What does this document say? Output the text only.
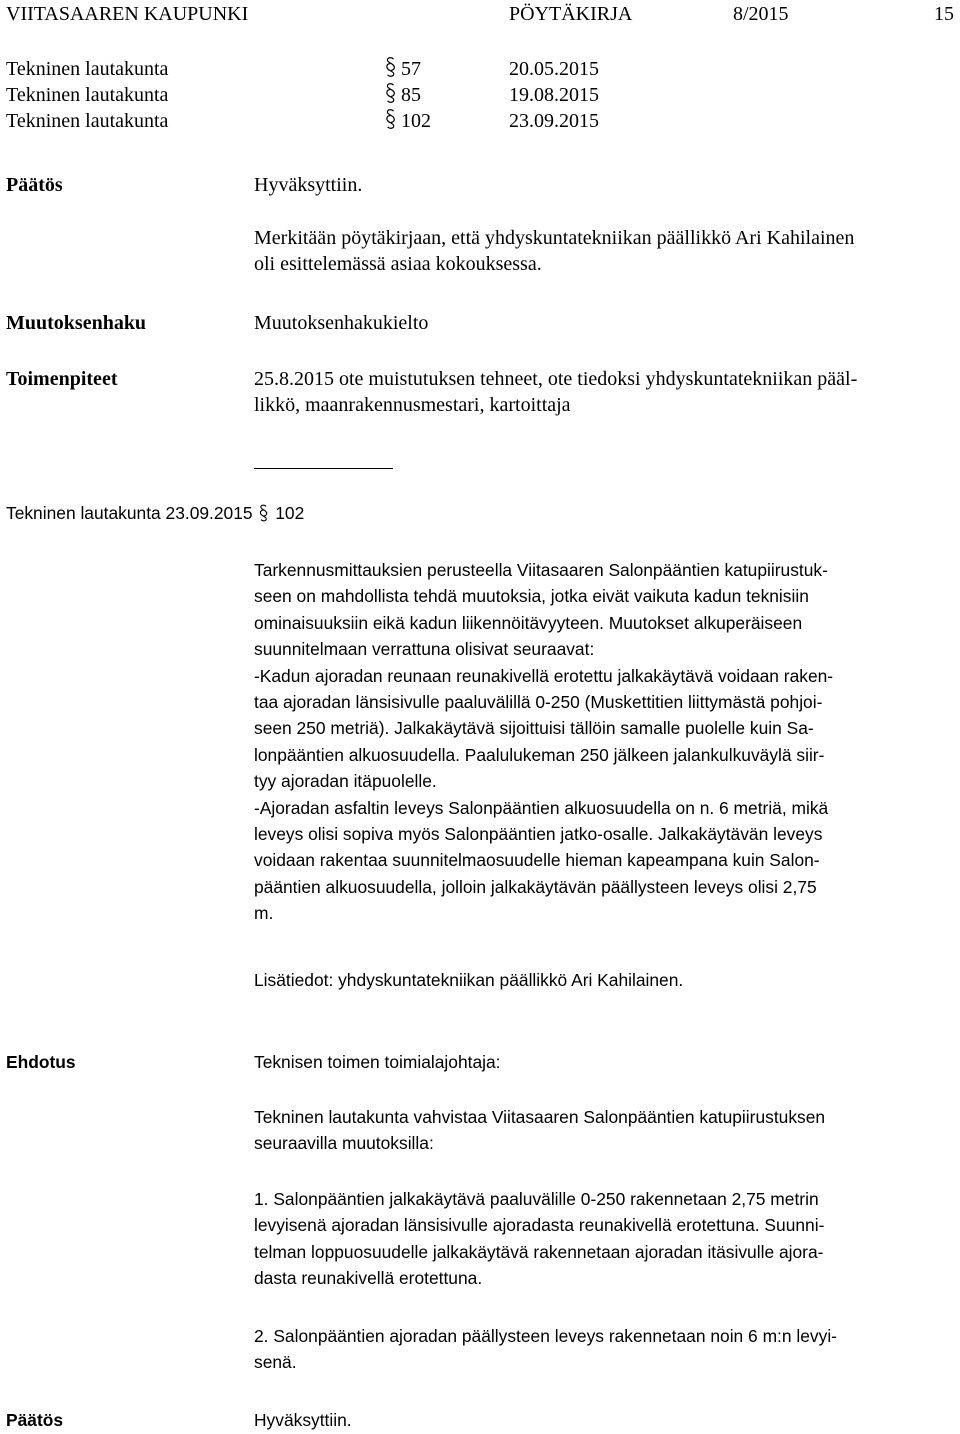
VIITASAAREN KAUPUNKI	PÖYTÄKIRJA	8/2015	15
Tekninen lautakunta	57	20.05.2015
Tekninen lautakunta	85	19.08.2015
Tekninen lautakunta	102	23.09.2015
Päätös	Hyväksyttiin.
Merkitään pöytäkirjaan, että yhdyskuntatekniikan päällikkö Ari Kahilainen
oli esittelemässä asiaa kokouksessa.
Muutoksenhaku	Muutoksenhakukielto
Toimenpiteet	25.8.2015 ote muistutuksen tehneet, ote tiedoksi yhdyskuntatekniikan pääl-
likkö, maanrakennusmestari, kartoittaja
Tekninen lautakunta 23.09.2015 102
Tarkennusmittauksien perusteella Viitasaaren Salonpääntien katupiirustuk-
seen on mahdollista tehdä muutoksia, jotka eivät vaikuta kadun teknisiin
ominaisuuksiin eikä kadun liikennöitävyyteen. Muutokset alkuperäiseen
suunnitelmaan verrattuna olisivat seuraavat:
-Kadun ajoradan reunaan reunakivellä erotettu jalkakäytävä voidaan raken-
taa ajoradan länsisivulle paaluvälillä 0-250 (Muskettitien liittymästä pohjoi-
seen 250 metriä). Jalkakäytävä sijoittuisi tällöin samalle puolelle kuin Sa-
lonpääntien alkuosuudella. Paalulukeman 250 jälkeen jalankulkuväylä siir-
tyy ajoradan itäpuolelle.
-Ajoradan asfaltin leveys Salonpääntien alkuosuudella on n. 6 metriä, mikä
leveys olisi sopiva myös Salonpääntien jatko-osalle. Jalkakäytävän leveys
voidaan rakentaa suunnitelmaosuudelle hieman kapeampana kuin Salon-
pääntien alkuosuudella, jolloin jalkakäytävän päällysteen leveys olisi 2,75
m.
Lisätiedot: yhdyskuntatekniikan päällikkö Ari Kahilainen.
Ehdotus	Teknisen toimen toimialajohtaja:
Tekninen lautakunta vahvistaa Viitasaaren Salonpääntien katupiirustuksen
seuraavilla muutoksilla:
1. Salonpääntien jalkakäytävä paaluvälille 0-250 rakennetaan 2,75 metrin
levyisenä ajoradan länsisivulle ajoradasta reunakivellä erotettuna. Suunni-
telman loppuosuudelle jalkakäytävä rakennetaan ajoradan itäsivulle ajora-
dasta reunakivellä erotettuna.
2. Salonpääntien ajoradan päällysteen leveys rakennetaan noin 6 m:n levyi-
senä.
Päätös	Hyväksyttiin.
